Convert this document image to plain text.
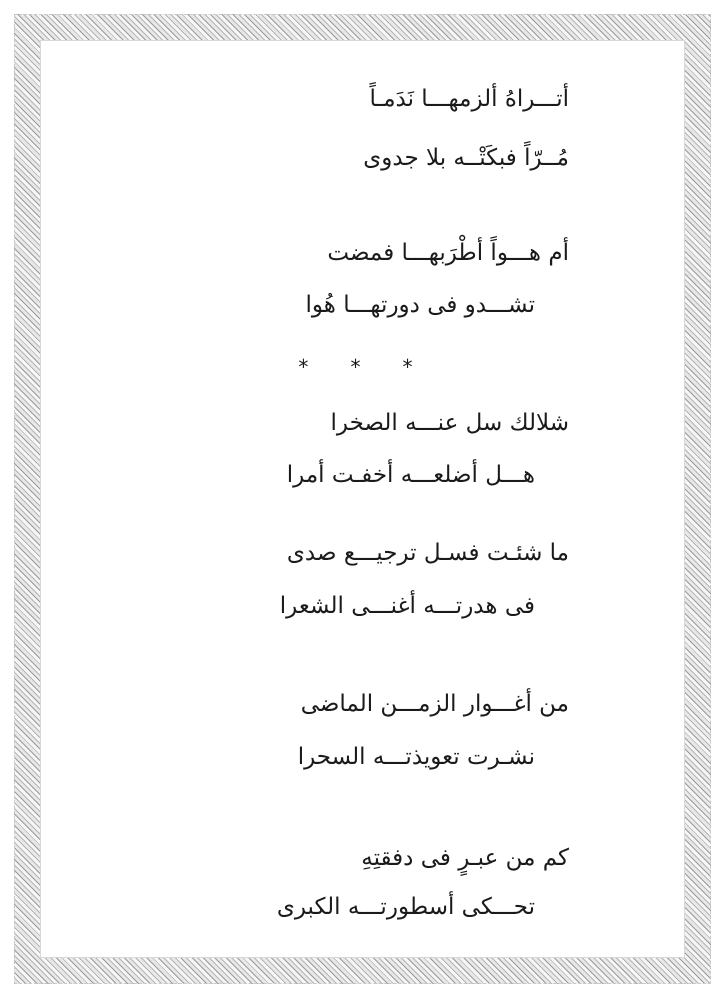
أتـــراهُ ألزمهـــا نَدَمـاً
مُــرّاً فبكَتْــه بلا جدوى
أم هـــواً أطْرَبهـــا فمضت
تشـــدو فى دورتهـــا هُوا
* * *
شلالك سل عنـــه الصخرا
هـــل أضلعـــه أخفـت أمرا
ما شئـت فسـل ترجيـــع صدى
فى هدرتـــه أغنـــى الشعرا
من أغـــوار الزمـــن الماضى
نشـرت تعويذتـــه السحرا
كم من عبـرٍ فى دفقتِهِ
تحـــكى أسطورتـــه الكبرى
